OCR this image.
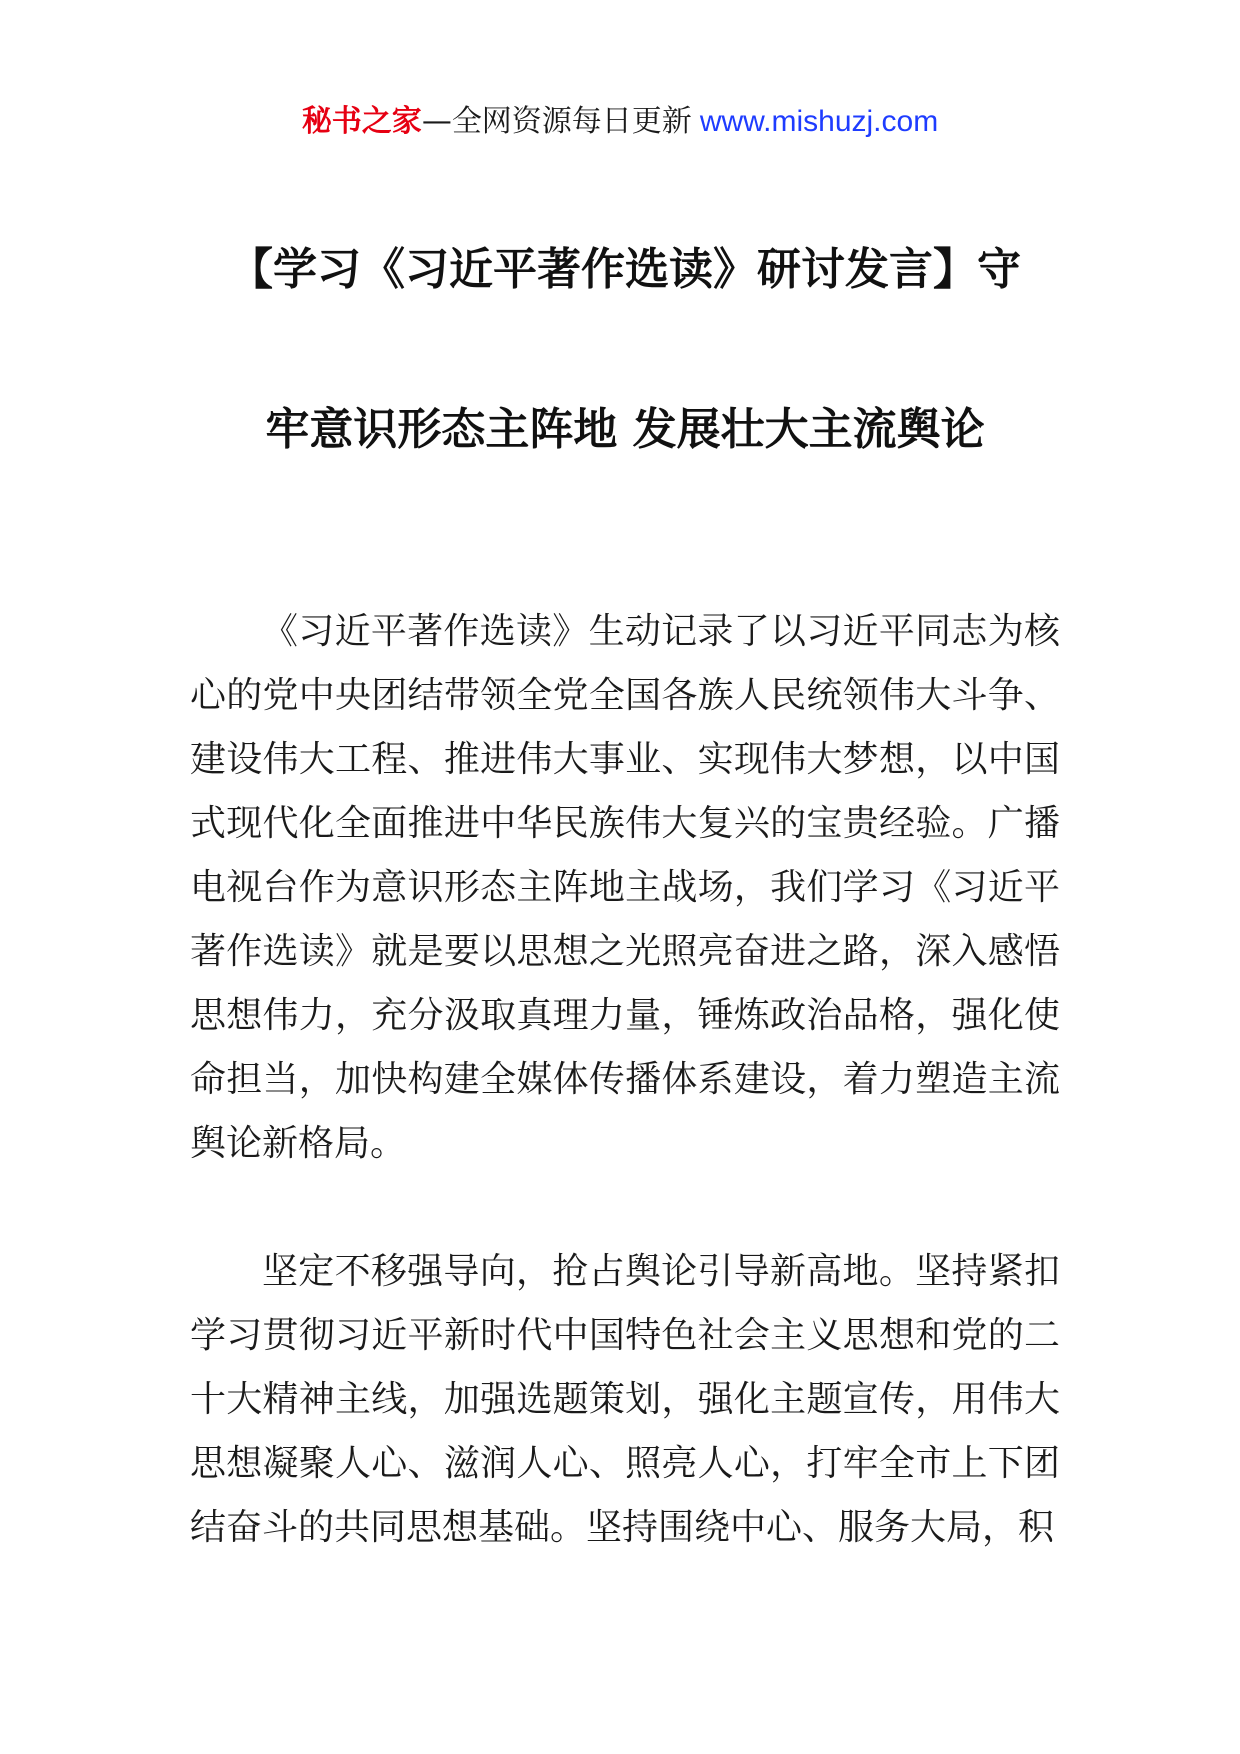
秘书之家—全网资源每日更新 www.mishuzj.com
【学习《习近平著作选读》研讨发言】守
牢意识形态主阵地 发展壮大主流舆论

《习近平著作选读》生动记录了以习近平同志为核心的党中央团结带领全党全国各族人民统领伟大斗争、建设伟大工程、推进伟大事业、实现伟大梦想，以中国式现代化全面推进中华民族伟大复兴的宝贵经验。广播电视台作为意识形态主阵地主战场，我们学习《习近平著作选读》就是要以思想之光照亮奋进之路，深入感悟思想伟力，充分汲取真理力量，锤炼政治品格，强化使命担当，加快构建全媒体传播体系建设，着力塑造主流舆论新格局。

坚定不移强导向，抢占舆论引导新高地。坚持紧扣学习贯彻习近平新时代中国特色社会主义思想和党的二十大精神主线，加强选题策划，强化主题宣传，用伟大思想凝聚人心、滋润人心、照亮人心，打牢全市上下团结奋斗的共同思想基础。坚持围绕中心、服务大局，积
